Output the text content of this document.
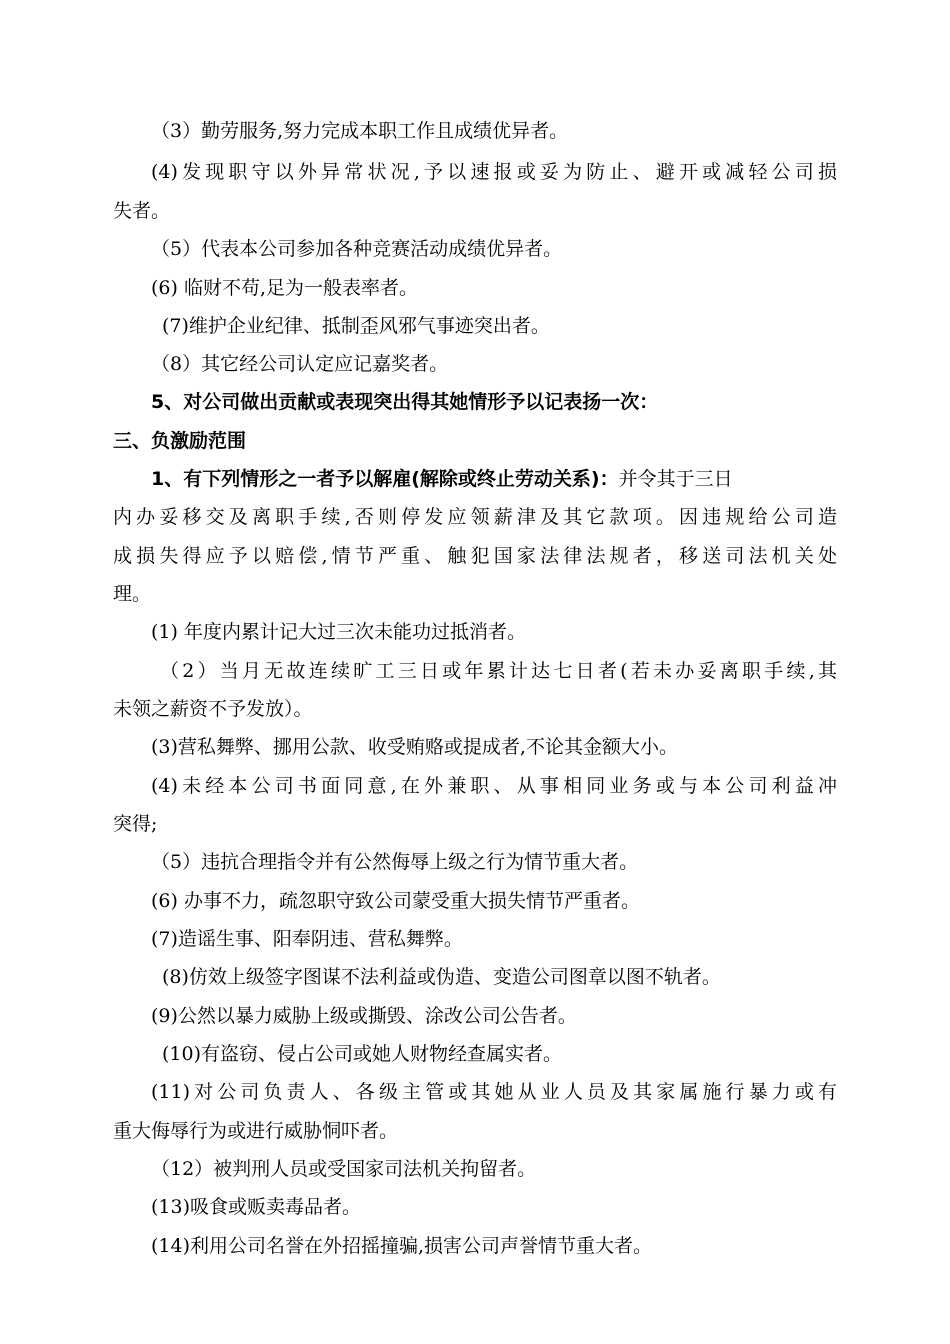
（3）勤劳服务,努力完成本职工作且成绩优异者。

(4)发现职守以外异常状况,予以速报或妥为防止、避开或减轻公司损

失者。

（5）代表本公司参加各种竞赛活动成绩优异者。

(6) 临财不苟,足为一般表率者。

(7)维护企业纪律、抵制歪风邪气事迹突出者。

（8）其它经公司认定应记嘉奖者。

5、对公司做出贡献或表现突出得其她情形予以记表扬一次：

三、负激励范围

1、有下列情形之一者予以解雇(解除或终止劳动关系)：并令其于三日

内办妥移交及离职手续,否则停发应领薪津及其它款项。因违规给公司造

成损失得应予以赔偿,情节严重、触犯国家法律法规者，移送司法机关处

理。

(1) 年度内累计记大过三次未能功过抵消者。

（2）当月无故连续旷工三日或年累计达七日者(若未办妥离职手续,其

未领之薪资不予发放）。

(3)营私舞弊、挪用公款、收受贿赂或提成者,不论其金额大小。

(4)未经本公司书面同意,在外兼职、从事相同业务或与本公司利益冲

突得;

（5）违抗合理指令并有公然侮辱上级之行为情节重大者。

(6) 办事不力，疏忽职守致公司蒙受重大损失情节严重者。

(7)造谣生事、阳奉阴违、营私舞弊。

(8)仿效上级签字图谋不法利益或伪造、变造公司图章以图不轨者。

(9)公然以暴力威胁上级或撕毁、涂改公司公告者。

(10)有盗窃、侵占公司或她人财物经查属实者。

(11)对公司负责人、各级主管或其她从业人员及其家属施行暴力或有

重大侮辱行为或进行威胁恫吓者。

（12）被判刑人员或受国家司法机关拘留者。

(13)吸食或贩卖毒品者。

(14)利用公司名誉在外招摇撞骗,损害公司声誉情节重大者。
